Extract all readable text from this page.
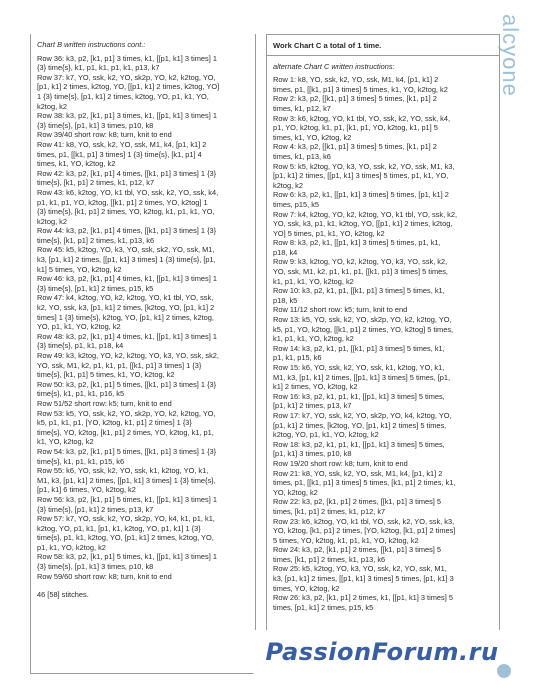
alcyone
Chart B written instructions cont.:
Row 36: k3, p2, [k1, p1] 3 times, k1, [[p1, k1] 3 times] 1
{3} time{s}, k1, p1, k1, p1, k1, p13, k7
Row 37: k7, YO, ssk, k2, YO, sk2p, YO, k2, k2tog, YO,
[p1, k1] 2 times, k2tog, YO, [[p1, k1] 2 times, k2tog, YO]
1 {3} time{s}, [p1, k1] 2 times, k2tog, YO, p1, k1, YO,
k2tog, k2
Row 38: k3, p2, [k1, p1] 3 times, k1, [[p1, k1] 3 times] 1
{3} time{s}, [p1, k1] 3 times, p10, k8
Row 39/40 short row: k8; turn, knit to end
Row 41: k8, YO, ssk, k2, YO, ssk, M1, k4, [p1, k1] 2
times, p1, [[k1, p1] 3 times] 1 {3} time{s}, [k1, p1] 4
times, k1, YO, k2tog, k2
Row 42: k3, p2, [k1, p1] 4 times, [[k1, p1] 3 times] 1 {3}
time{s}, [k1, p1] 2 times, k1, p12, k7
Row 43: k6, k2tog, YO, k1 tbl, YO, ssk, k2, YO, ssk, k4,
p1, k1, p1, YO, k2tog, [[k1, p1] 2 times, YO, k2tog] 1
{3} time{s}, [k1, p1] 2 times, YO, k2tog, k1, p1, k1, YO,
k2tog, k2
Row 44: k3, p2, [k1, p1] 4 times, [[k1, p1] 3 times] 1 {3}
time{s}, [k1, p1] 2 times, k1, p13, k6
Row 45: k5, k2tog, YO, k3, YO, ssk, sk2, YO, ssk, M1,
k3, [p1, k1] 2 times, [[p1, k1] 3 times] 1 {3} time{s}, [p1,
k1] 5 times, YO, k2tog, k2
Row 46: k3, p2, [k1, p1] 4 times, k1, [[p1, k1] 3 times] 1
{3} time{s}, [p1, k1] 2 times, p15, k5
Row 47: k4, k2tog, YO, k2, k2tog, YO, k1 tbl, YO, ssk,
k2, YO, ssk, k3, [p1, k1] 2 times, [k2tog, YO, [p1, k1] 2
times] 1 {3} time{s}, k2tog, YO, [p1, k1] 2 times, k2tog,
YO, p1, k1, YO, k2tog, k2
Row 48: k3, p2, [k1, p1] 4 times, k1, [[p1, k1] 3 times] 1
{3} time{s}, p1, k1, p18, k4
Row 49: k3, k2tog, YO, k2, k2tog, YO, k3, YO, ssk, sk2,
YO, ssk, M1, k2, p1, k1, p1, [[k1, p1] 3 times] 1 {3}
time{s}, [k1, p1] 5 times, k1, YO, k2tog, k2
Row 50: k3, p2, [k1, p1] 5 times, [[k1, p1] 3 times] 1 {3}
time{s}, k1, p1, k1, p16, k5
Row 51/52 short row: k5; turn, knit to end
Row 53: k5, YO, ssk, k2, YO, sk2p, YO, k2, k2tog, YO,
k5, p1, k1, p1, [YO, k2tog, k1, p1] 2 times] 1 {3}
time{s}, YO, k2tog, [k1, p1] 2 times, YO, k2tog, k1, p1,
k1, YO, k2tog, k2
Row 54: k3, p2, [k1, p1] 5 times, [[k1, p1] 3 times] 1 {3}
time{s}, k1, p1, k1, p15, k6
Row 55: k6, YO, ssk, k2, YO, ssk, k1, k2tog, YO, k1,
M1, k3, [p1, k1] 2 times, [[p1, k1] 3 times] 1 {3} time{s},
[p1, k1] 6 times, YO, k2tog, k2
Row 56: k3, p2, [k1, p1] 5 times, k1, [[p1, k1] 3 times] 1
{3} time{s}, [p1, k1] 2 times, p13, k7
Row 57: k7, YO, ssk, k2, YO, sk2p, YO, k4, k1, p1, k1,
k2tog, YO, p1, k1, [p1, k1, k2tog, YO, p1, k1] 1 {3}
time{s}, p1, k1, k2tog, YO, [p1, k1] 2 times, k2tog, YO,
p1, k1, YO, k2tog, k2
Row 58: k3, p2, [k1, p1] 5 times, k1, [[p1, k1] 3 times] 1
{3} time{s}, [p1, k1] 3 times, p10, k8
Row 59/60 short row: k8; turn, knit to end
46 [58] stitches.
Work Chart C a total of 1 time.
alternate Chart C written instructions:
Row 1: k8, YO, ssk, k2, YO, ssk, M1, k4, [p1, k1] 2
times, p1, [[k1, p1] 3 times] 5 times, k1, YO, k2tog, k2
Row 2: k3, p2, [[k1, p1] 3 times] 5 times, [k1, p1] 2
times, k1, p12, k7
Row 3: k6, k2tog, YO, k1 tbl, YO, ssk, k2, YO, ssk, k4,
p1, YO, k2tog, k1, p1, [k1, p1, YO, k2tog, k1, p1] 5
times, k1, YO, k2tog, k2
Row 4: k3, p2, [[k1, p1] 3 times] 5 times, [k1, p1] 2
times, k1, p13, k6
Row 5: k5, k2tog, YO, k3, YO, ssk, k2, YO, ssk, M1, k3,
[p1, k1] 2 times, [[p1, k1] 3 times] 5 times, p1, k1, YO,
k2tog, k2
Row 6: k3, p2, k1, [[p1, k1] 3 times] 5 times, [p1, k1] 2
times, p15, k5
Row 7: k4, k2tog, YO, k2, k2tog, YO, k1 tbl, YO, ssk, k2,
YO, ssk, k3, p1, k1, k2tog, YO, [[p1, k1] 2 times, k2tog,
YO] 5 times, p1, k1, YO, k2tog, k2
Row 8: k3, p2, k1, [[p1, k1] 3 times] 5 times, p1, k1,
p18, k4
Row 9: k3, k2tog, YO, k2, k2tog, YO, k3, YO, ssk, k2,
YO, ssk, M1, k2, p1, k1, p1, [[k1, p1] 3 times] 5 times,
k1, p1, k1, YO, k2tog, k2
Row 10: k3, p2, k1, p1, [[k1, p1] 3 times] 5 times, k1,
p18, k5
Row 11/12 short row: k5; turn, knit to end
Row 13: k5, YO, ssk, k2, YO, sk2p, YO, k2, k2tog, YO,
k5, p1, YO, k2tog, [[k1, p1] 2 times, YO, k2tog] 5 times,
k1, p1, k1, YO, k2tog, k2
Row 14: k3, p2, k1, p1, [[k1, p1] 3 times] 5 times, k1,
p1, k1, p15, k6
Row 15: k6, YO, ssk, k2, YO, ssk, k1, k2tog, YO, k1,
M1, k3, [p1, k1] 2 times, [[p1, k1] 3 times] 5 times, [p1,
k1] 2 times, YO, k2tog, k2
Row 16: k3, p2, k1, p1, k1, [[p1, k1] 3 times] 5 times,
[p1, k1] 2 times, p13, k7
Row 17: k7, YO, ssk, k2, YO, sk2p, YO, k4, k2tog, YO,
[p1, k1] 2 times, [k2tog, YO, [p1, k1] 2 times] 5 times,
k2tog, YO, p1, k1, YO, k2tog, k2
Row 18: k3, p2, k1, p1, k1, [[p1, k1] 3 times] 5 times,
[p1, k1] 3 times, p10, k8
Row 19/20 short row: k8; turn, knit to end
Row 21: k8, YO, ssk, k2, YO, ssk, M1, k4, [p1, k1] 2
times, p1, [[k1, p1] 3 times] 5 times, [k1, p1] 2 times, k1,
YO, k2tog, k2
Row 22: k3, p2, [k1, p1] 2 times, [[k1, p1] 3 times] 5
times, [k1, p1] 2 times, k1, p12, k7
Row 23: k6, k2tog, YO, k1 tbl, YO, ssk, k2, YO, ssk, k3,
YO, k2tog, [k1, p1] 2 times, [YO, k2tog, [k1, p1] 2 times]
5 times, YO, k2tog, k1, p1, k1, YO, k2tog, k2
Row 24: k3, p2, [k1, p1] 2 times, [[k1, p1] 3 times] 5
times, [k1, p1] 2 times, k1, p13, k6
Row 25: k5, k2tog, YO, k3, YO, ssk, k2, YO, ssk, M1,
k3, [p1, k1] 2 times, [[p1, k1] 3 times] 5 times, [p1, k1] 3
times, YO, k2tog, k2
Row 26: k3, p2, [k1, p1] 2 times, k1, [[p1, k1] 3 times] 5
times, [p1, k1] 2 times, p15, k5
PassionForum.ru
